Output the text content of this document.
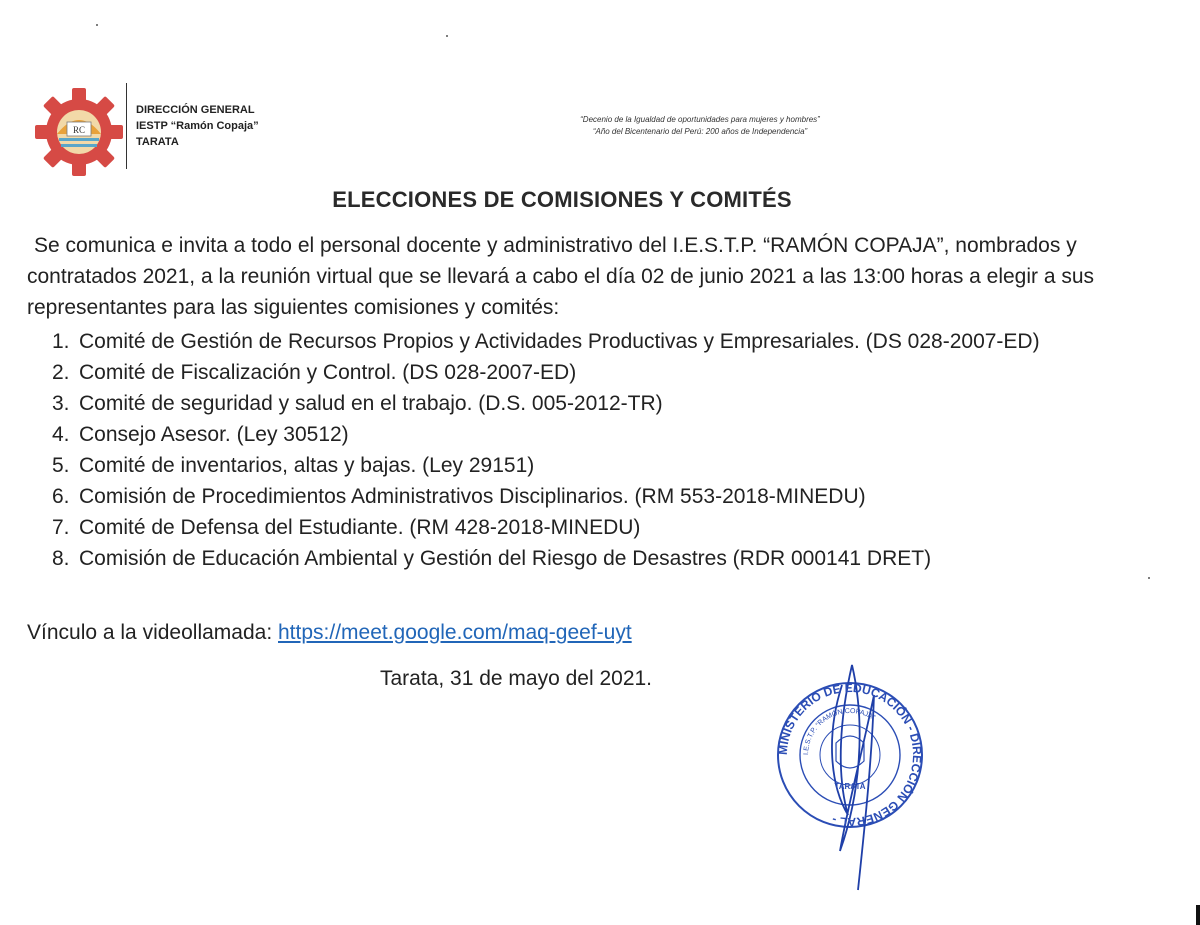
RC
DIRECCIÓN GENERAL
IESTP “Ramón Copaja”
TARATA
“Decenio de la Igualdad de oportunidades para mujeres y hombres”
“Año del Bicentenario del Perú: 200 años de Independencia”
ELECCIONES DE COMISIONES Y COMITÉS

Se comunica e invita a todo el personal docente y administrativo del I.E.S.T.P. “RAMÓN COPAJA”, nombrados y contratados 2021, a la reunión virtual que se llevará a cabo el día 02 de junio 2021 a las 13:00 horas a elegir a sus representantes para las siguientes comisiones y comités:

1. Comité de Gestión de Recursos Propios y Actividades Productivas y Empresariales. (DS 028-2007-ED)
2. Comité de Fiscalización y Control. (DS 028-2007-ED)
3. Comité de seguridad y salud en el trabajo. (D.S. 005-2012-TR)
4. Consejo Asesor. (Ley 30512)
5. Comité de inventarios, altas y bajas. (Ley 29151)
6. Comisión de Procedimientos Administrativos Disciplinarios. (RM 553-2018-MINEDU)
7. Comité de Defensa del Estudiante. (RM 428-2018-MINEDU)
8. Comisión de Educación Ambiental y Gestión del Riesgo de Desastres (RDR 000141 DRET)
Vínculo a la videollamada: https://meet.google.com/maq-geef-uyt
Tarata, 31 de mayo del 2021.
MINISTERIO DE EDUCACIÓN - DIRECCIÓN GENERAL -
I.E.S.T.P. “RAMÓN COPAJA”
TARATA
